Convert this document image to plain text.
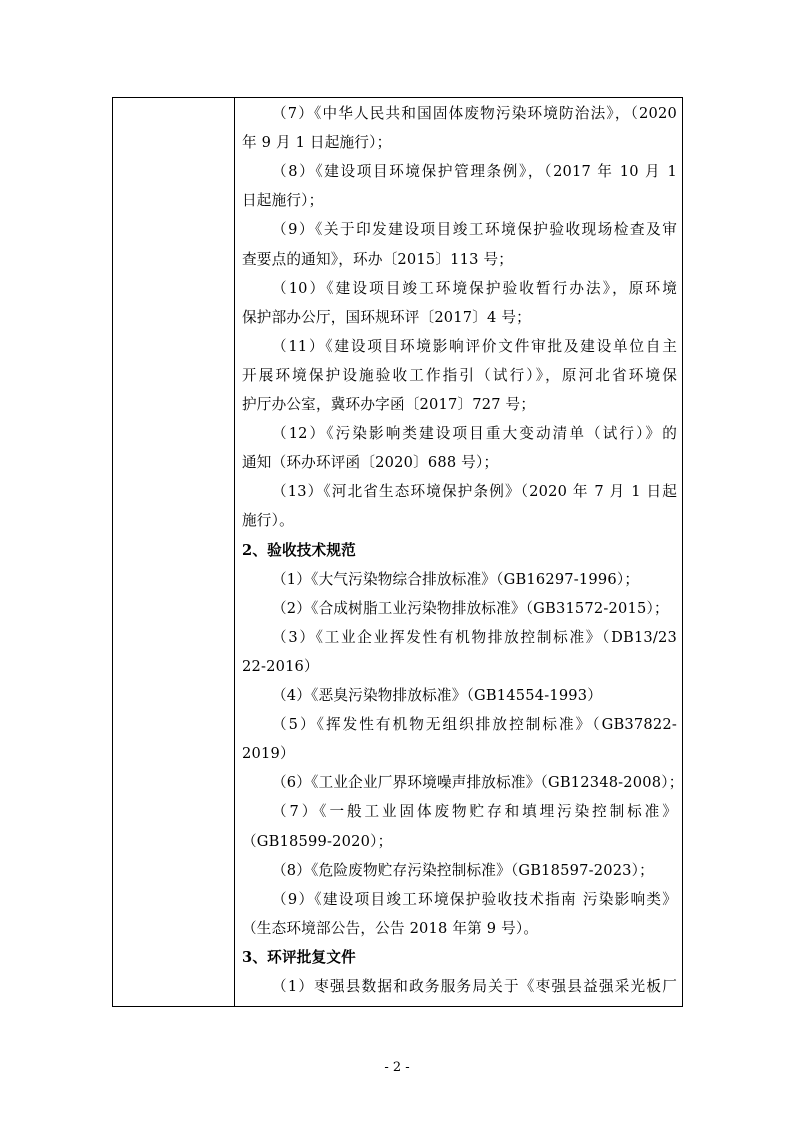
（7）《中华人民共和国固体废物污染环境防治法》，（2020
年 9 月 1 日起施行）；
（8）《建设项目环境保护管理条例》，（2017 年 10 月 1
日起施行）；
（9）《关于印发建设项目竣工环境保护验收现场检查及审
查要点的通知》，环办〔2015〕113 号；
（10）《建设项目竣工环境保护验收暂行办法》，原环境
保护部办公厅，国环规环评〔2017〕4 号；
（11）《建设项目环境影响评价文件审批及建设单位自主
开展环境保护设施验收工作指引（试行）》，原河北省环境保
护厅办公室，冀环办字函〔2017〕727 号；
（12）《污染影响类建设项目重大变动清单（试行）》的
通知（环办环评函〔2020〕688 号）；
（13）《河北省生态环境保护条例》（2020 年 7 月 1 日起
施行）。
2、验收技术规范
（1）《大气污染物综合排放标准》（GB16297-1996）；
（2）《合成树脂工业污染物排放标准》（GB31572-2015）；
（3）《工业企业挥发性有机物排放控制标准》（DB13/23
22-2016）
（4）《恶臭污染物排放标准》（GB14554-1993）
（5）《挥发性有机物无组织排放控制标准》（GB37822-
2019）
（6）《工业企业厂界环境噪声排放标准》（GB12348-2008）；
（7）《一般工业固体废物贮存和填埋污染控制标准》
（GB18599-2020）；
（8）《危险废物贮存污染控制标准》（GB18597-2023）；
（9）《建设项目竣工环境保护验收技术指南 污染影响类》
（生态环境部公告，公告 2018 年第 9 号）。
3、环评批复文件
（1）枣强县数据和政务服务局关于《枣强县益强采光板厂
- 2 -
